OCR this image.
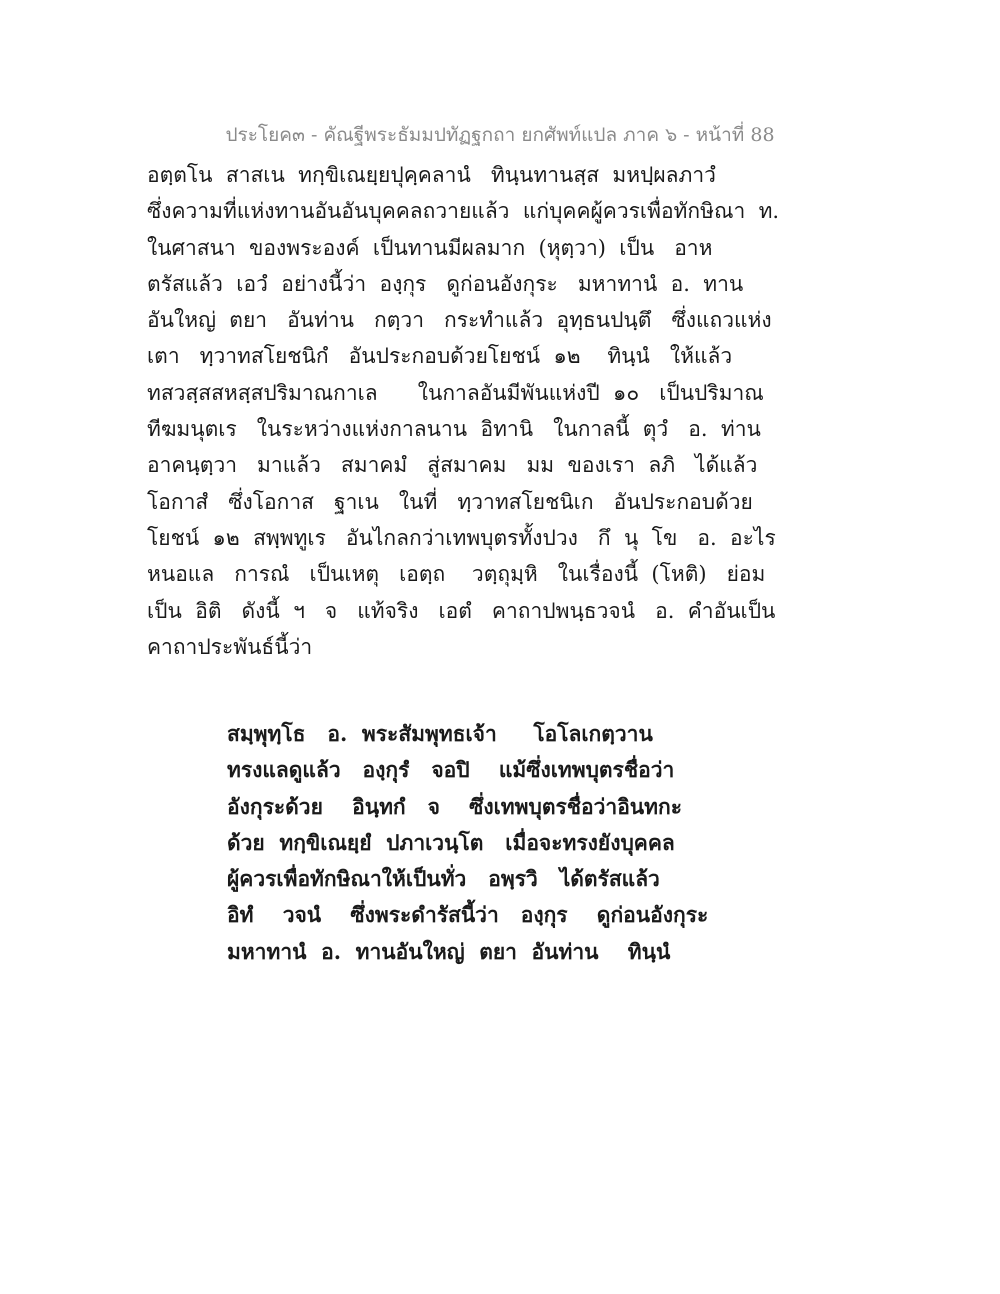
ประโยค๓ - คัณฐีพระธัมมปทัฏฐกถา ยกศัพท์แปล ภาค ๖ - หน้าที่ 88
อตฺตโน  สาสเน  ทกฺขิเณยฺยปุคฺคลานํ   ทินฺนทานสฺส  มหปฺผลภาวํ
ซึ่งความที่แห่งทานอันอันบุคคลถวายแล้ว  แก่บุคคผู้ควรเพื่อทักษิณา  ท.
ในศาสนา  ของพระองค์  เป็นทานมีผลมาก  (หุตฺวา)  เป็น   อาห
ตรัสแล้ว  เอวํ  อย่างนี้ว่า  องฺกุร   ดูก่อนอังกุระ   มหาทานํ  อ.  ทาน
อันใหญ่  ตยา   อันท่าน   กตฺวา   กระทำแล้ว  อุทฺธนปนฺตึ   ซึ่งแถวแห่ง
เตา   ทฺวาทสโยชนิกํ   อันประกอบด้วยโยชน์  ๑๒    ทินฺนํ   ให้แล้ว
ทสวสฺสสหสฺสปริมาณกาเล      ในกาลอันมีพันแห่งปี  ๑๐   เป็นปริมาณ
ทีฆมนุตเร   ในระหว่างแห่งกาลนาน  อิทานิ   ในกาลนี้  ตุวํ   อ.  ท่าน
อาคนฺตฺวา   มาแล้ว   สมาคมํ   สู่สมาคม   มม  ของเรา  ลภิ   ได้แล้ว
โอกาสํ   ซึ่งโอกาส   ฐาเน   ในที่   ทฺวาทสโยชนิเก   อันประกอบด้วย
โยชน์  ๑๒  สพฺพทูเร   อันไกลกว่าเทพบุตรทั้งปวง   กึ  นุ  โข   อ.  อะไร
หนอแล   การณํ   เป็นเหตุ   เอตฺถ    วตฺถุมฺหิ   ในเรื่องนี้  (โหติ)   ย่อม
เป็น  อิติ   ดังนี้  ฯ   จ   แท้จริง   เอตํ   คาถาปพนฺธวจนํ   อ.  คำอันเป็น
คาถาประพันธ์นี้ว่า
สมฺพุทฺโธ   อ.  พระสัมพุทธเจ้า     โอโลเกตฺวาน
ทรงแลดูแล้ว   องฺกุรํ   จอปิ    แม้ซึ่งเทพบุตรชื่อว่า
อังกุระด้วย    อินฺทกํ   จ    ซึ่งเทพบุตรชื่อว่าอินทกะ
ด้วย  ทกฺขิเณยฺยํ  ปภาเวนฺโต   เมื่อจะทรงยังบุคคล
ผู้ควรเพื่อทักษิณาให้เป็นทั่ว   อพฺรวิ   ได้ตรัสแล้ว
อิทํ    วจนํ    ซึ่งพระดำรัสนี้ว่า   องฺกุร    ดูก่อนอังกุระ
มหาทานํ  อ.  ทานอันใหญ่  ตยา  อันท่าน    ทินฺนํ
